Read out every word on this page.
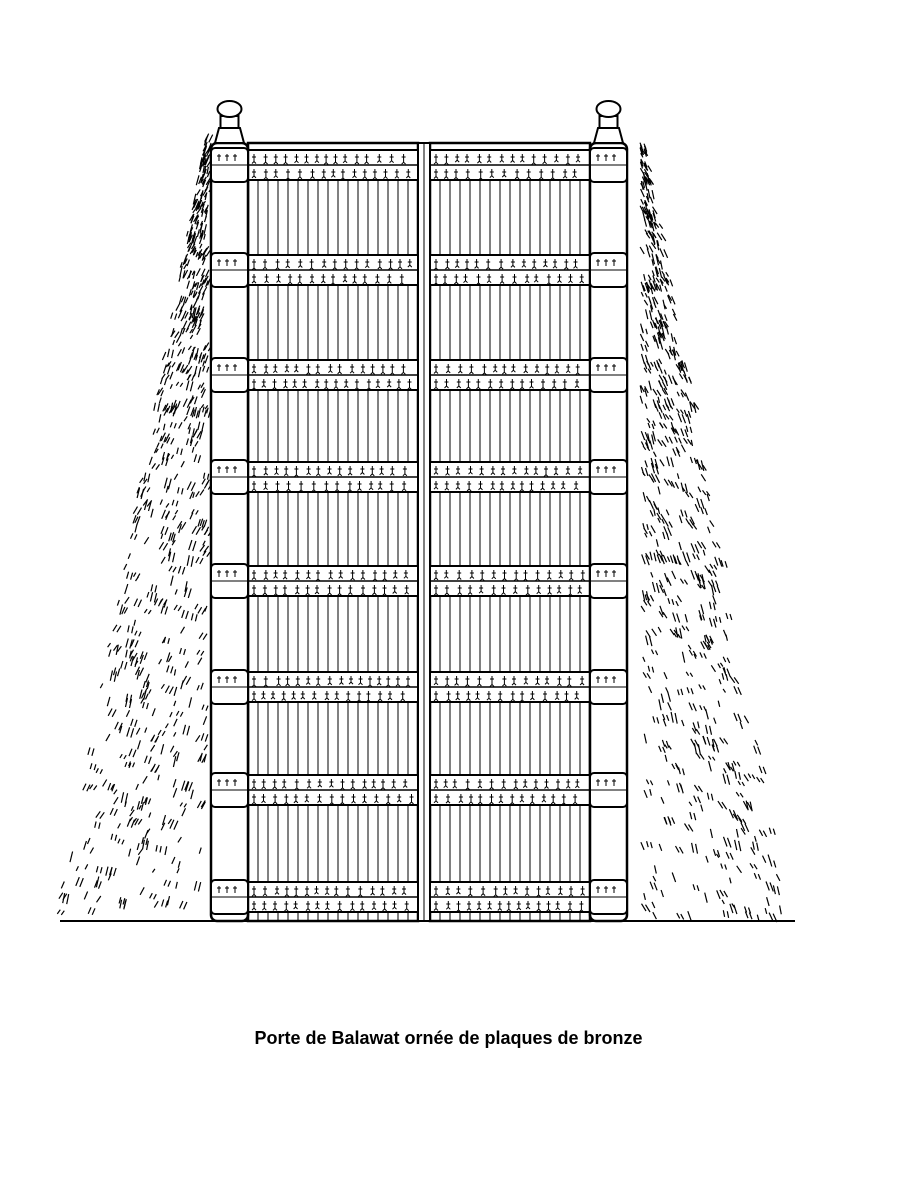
Porte de Balawat ornée de plaques de bronze
